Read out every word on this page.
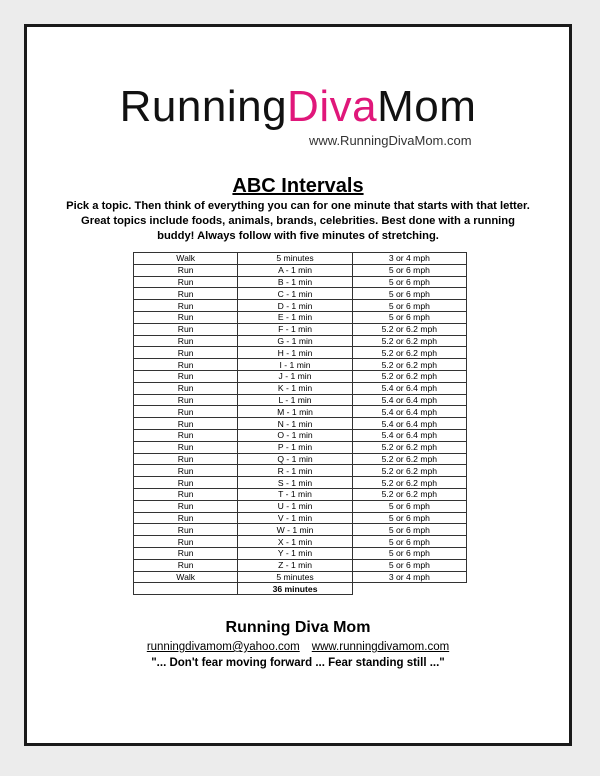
RunningDivaMom
www.RunningDivaMom.com
ABC Intervals
Pick a topic. Then think of everything you can for one minute that starts with that letter. Great topics include foods, animals, brands, celebrities. Best done with a running buddy! Always follow with five minutes of stretching.
Walk	5 minutes	3 or 4 mph
Run	A - 1 min	5 or 6 mph
Run	B - 1 min	5 or 6 mph
Run	C - 1 min	5 or 6 mph
Run	D - 1 min	5 or 6 mph
Run	E - 1 min	5 or 6 mph
Run	F - 1 min	5.2 or 6.2 mph
Run	G - 1 min	5.2 or 6.2 mph
Run	H - 1 min	5.2 or 6.2 mph
Run	I - 1 min	5.2 or 6.2 mph
Run	J - 1 min	5.2 or 6.2 mph
Run	K - 1 min	5.4 or 6.4 mph
Run	L - 1 min	5.4 or 6.4 mph
Run	M - 1 min	5.4 or 6.4 mph
Run	N - 1 min	5.4 or 6.4 mph
Run	O - 1 min	5.4 or 6.4 mph
Run	P - 1 min	5.2 or 6.2 mph
Run	Q - 1 min	5.2 or 6.2 mph
Run	R - 1 min	5.2 or 6.2 mph
Run	S - 1 min	5.2 or 6.2 mph
Run	T - 1 min	5.2 or 6.2 mph
Run	U - 1 min	5 or 6 mph
Run	V - 1 min	5 or 6 mph
Run	W - 1 min	5 or 6 mph
Run	X - 1 min	5 or 6 mph
Run	Y - 1 min	5 or 6 mph
Run	Z - 1 min	5 or 6 mph
Walk	5 minutes	3 or 4 mph
	36 minutes	
Running Diva Mom
runningdivamom@yahoo.com www.runningdivamom.com
"... Don't fear moving forward ... Fear standing still ..."
